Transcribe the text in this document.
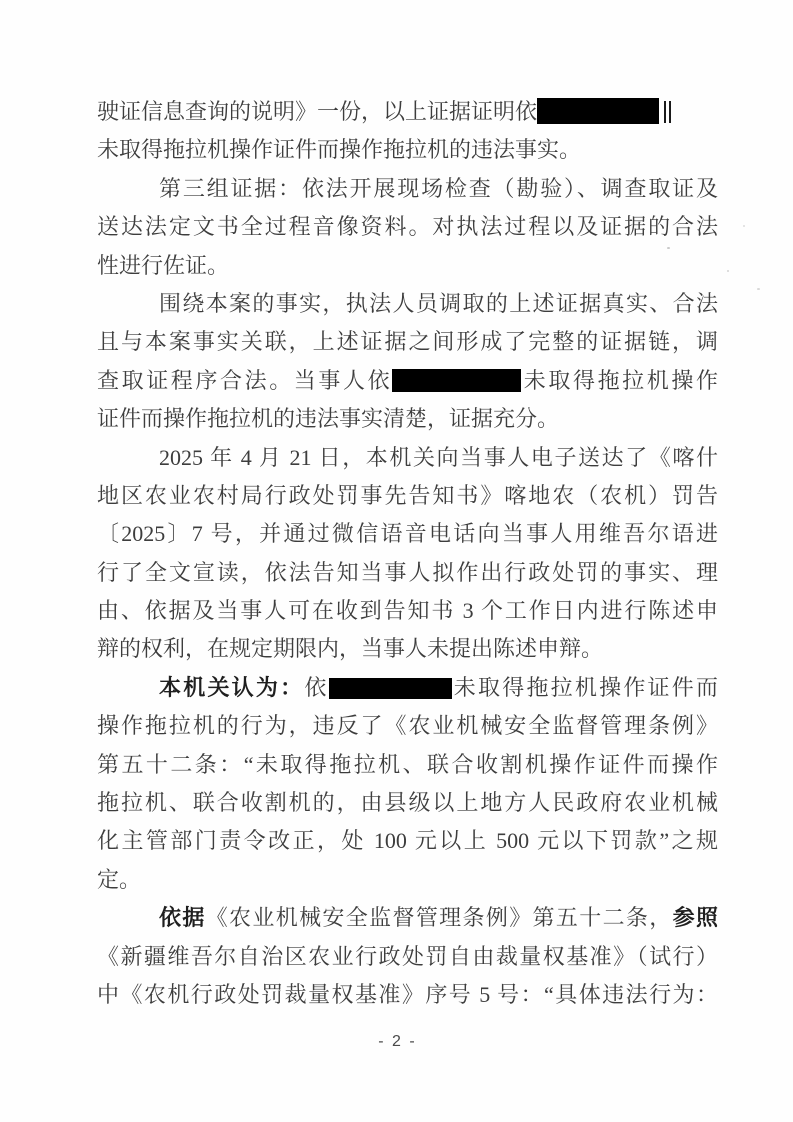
驶证信息查询的说明》一份，以上证据证明依
未取得拖拉机操作证件而操作拖拉机的违法事实。
第三组证据：依法开展现场检查（勘验）、调查取证及
送达法定文书全过程音像资料。对执法过程以及证据的合法
性进行佐证。
围绕本案的事实，执法人员调取的上述证据真实、合法
且与本案事实关联，上述证据之间形成了完整的证据链，调
查取证程序合法。当事人依	未取得拖拉机操作
证件而操作拖拉机的违法事实清楚，证据充分。
2025 年 4 月 21 日，本机关向当事人电子送达了《喀什
地区农业农村局行政处罚事先告知书》喀地农（农机）罚告
〔2025〕7 号，并通过微信语音电话向当事人用维吾尔语进
行了全文宣读，依法告知当事人拟作出行政处罚的事实、理
由、依据及当事人可在收到告知书 3 个工作日内进行陈述申
辩的权利，在规定期限内，当事人未提出陈述申辩。
本机关认为：依	未取得拖拉机操作证件而
操作拖拉机的行为，违反了《农业机械安全监督管理条例》
第五十二条：“未取得拖拉机、联合收割机操作证件而操作
拖拉机、联合收割机的，由县级以上地方人民政府农业机械
化主管部门责令改正，处 100 元以上 500 元以下罚款”之规
定。
依据《农业机械安全监督管理条例》第五十二条，参照
《新疆维吾尔自治区农业行政处罚自由裁量权基准》（试行）
中《农机行政处罚裁量权基准》序号 5 号：“具体违法行为：
- 2 -
